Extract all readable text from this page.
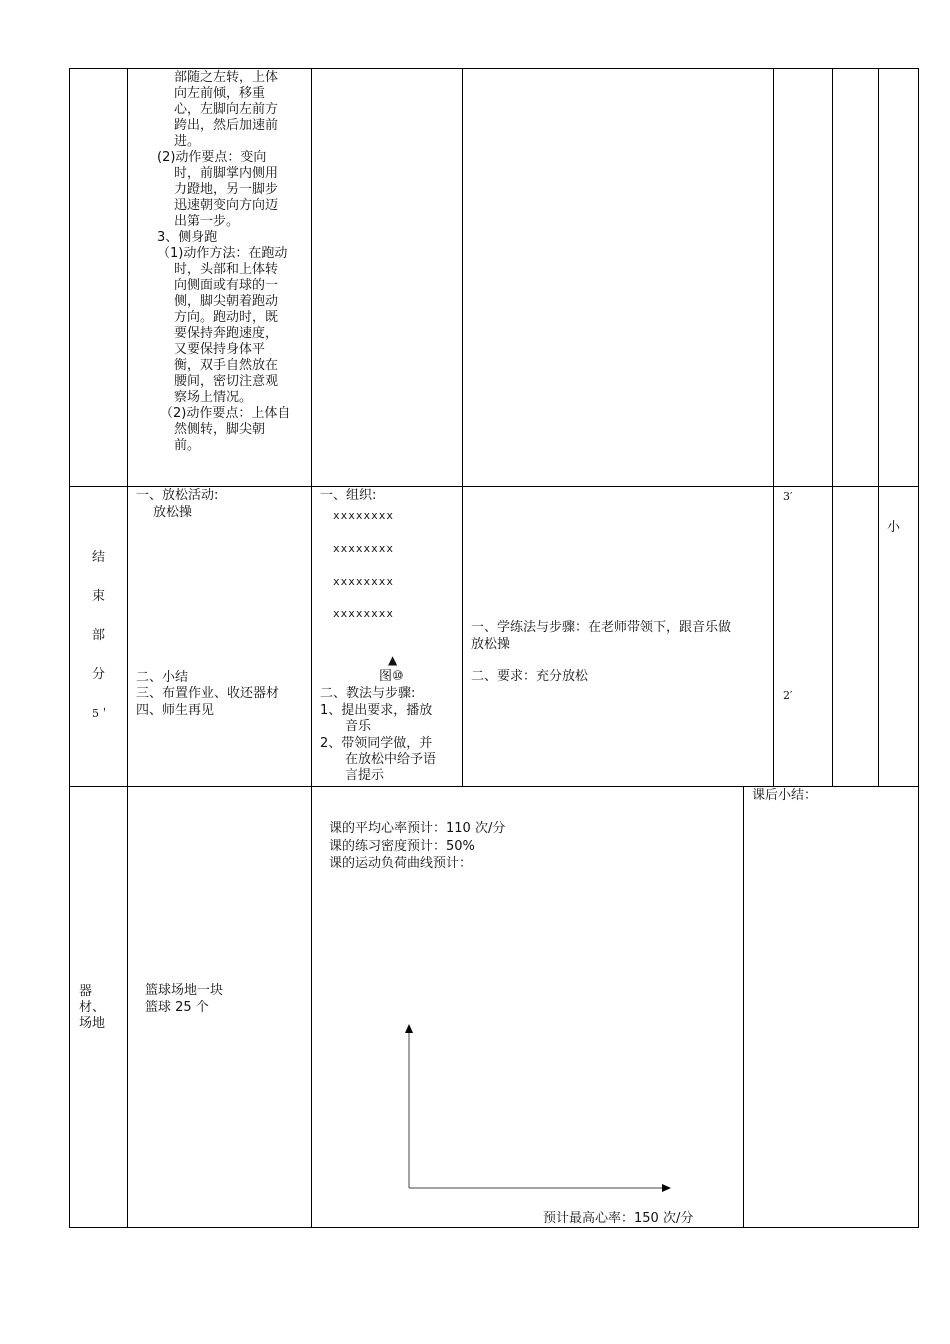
部随之左转，上体
向左前倾，移重
心，左脚向左前方
跨出，然后加速前
进。
(2)动作要点：变向
时，前脚掌内侧用
力蹬地，另一脚步
迅速朝变向方向迈
出第一步。
3、侧身跑
（1)动作方法：在跑动
时，头部和上体转
向侧面或有球的一
侧，脚尖朝着跑动
方向。跑动时，既
要保持奔跑速度，
又要保持身体平
衡，双手自然放在
腰间，密切注意观
察场上情况。
（2)动作要点：上体自
然侧转，脚尖朝
前。
结
束
部
分
5＇
一、放松活动:
放松操
二、小结
三、布置作业、收还器材
四、师生再见
一、组织:
xxxxxxxx
xxxxxxxx
xxxxxxxx
xxxxxxxx
▲
图⑩
二、教法与步骤:
1、提出要求，播放
音乐
2、带领同学做，并
在放松中给予语
言提示
一、学练法与步骤：在老师带领下，跟音乐做
放松操
二、要求：充分放松
3′
2′
小
器
材、
场地
篮球场地一块
篮球 25 个
课的平均心率预计：110 次/分
课的练习密度预计：50%
课的运动负荷曲线预计：
预计最高心率：150 次/分
课后小结：
